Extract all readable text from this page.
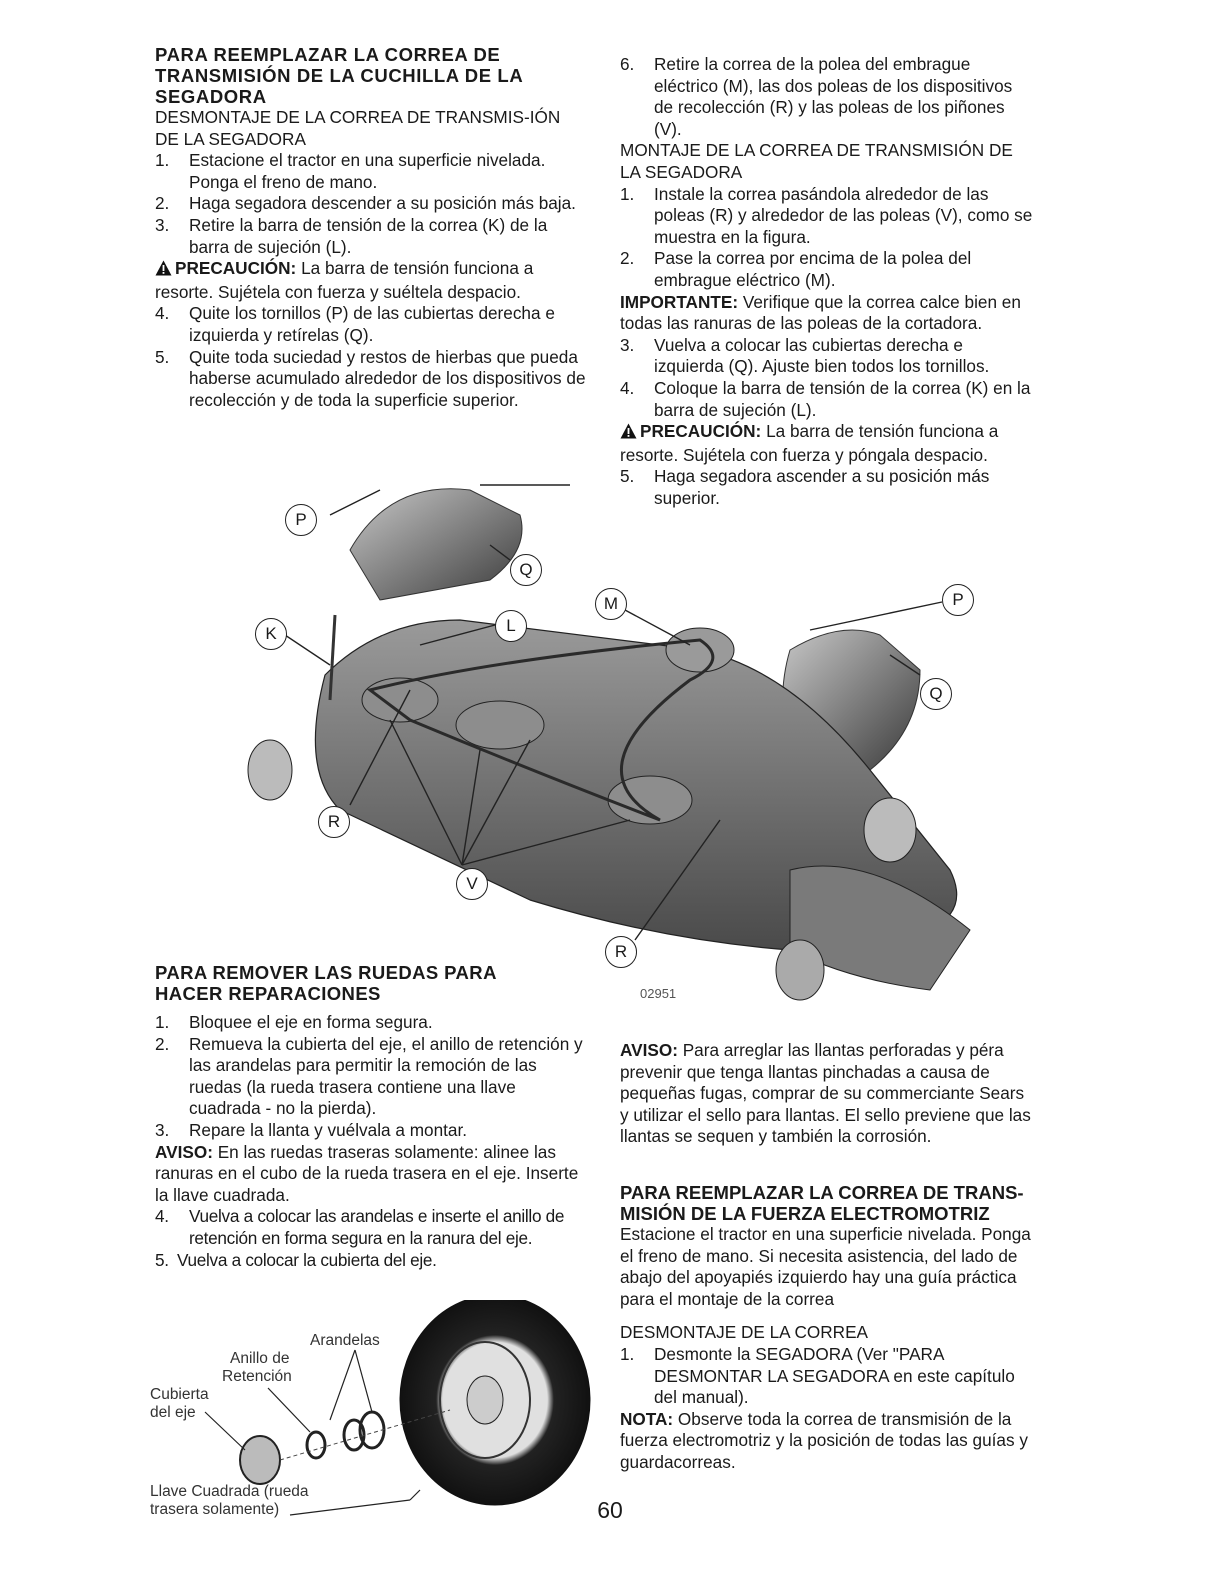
PARA REEMPLAZAR LA CORREA DE
TRANSMISIÓN DE LA CUCHILLA DE LA
SEGADORA
DESMONTAJE DE LA CORREA DE TRANSMIS-IÓN DE LA SEGADORA
1. Estacione el tractor en una superficie nivelada. Ponga el freno de mano.
2. Haga segadora descender a su posición más baja.
3. Retire la barra de tensión de la correa (K) de la barra de sujeción (L).

PRECAUCIÓN: La barra de tensión funciona a resorte. Sujétela con fuerza y suéltela despacio.

4. Quite los tornillos (P) de las cubiertas derecha e izquierda y retírelas (Q).
5. Quite toda suciedad y restos de hierbas que pueda haberse acumulado alrededor de los dispositivos de recolección y de toda la superficie superior.
6. Retire la correa de la polea del embrague eléctrico (M), las dos poleas de los dispositivos de recolección (R) y las poleas de los piñones (V).
MONTAJE DE LA CORREA DE TRANSMISIÓN DE LA SEGADORA
1. Instale la correa pasándola alrededor de las poleas (R) y alrededor de las poleas (V), como se muestra en la figura.
2. Pase la correa por encima de la polea del embrague eléctrico (M).

IMPORTANTE: Verifique que la correa calce bien en todas las ranuras de las poleas de la cortadora.

3. Vuelva a colocar las cubiertas derecha e izquierda (Q). Ajuste bien todos los tornillos.
4. Coloque la barra de tensión de la correa (K) en la barra de sujeción (L).

PRECAUCIÓN: La barra de tensión funciona a resorte. Sujétela con fuerza y póngala despacio.

5. Haga segadora ascender a su posición más superior.
P
Q
K	L
M	P
Q
R
V
R
02951
PARA REMOVER LAS RUEDAS PARA
HACER REPARACIONES
1. Bloquee el eje en forma segura.
2. Remueva la cubierta del eje, el anillo de retención y las arandelas para permitir la remoción de las ruedas (la rueda trasera contiene una llave cuadrada - no la pierda).
3. Repare la llanta y vuélvala a montar.

AVISO: En las ruedas traseras solamente: alinee las ranuras en el cubo de la rueda trasera en el eje. Inserte la llave cuadrada.

4. Vuelva a colocar las arandelas e inserte el anillo de retención en forma segura en la ranura del eje.
5. Vuelva a colocar la cubierta del eje.
Arandelas
Anillo de
Retención
Cubierta
del eje
Llave Cuadrada (rueda
trasera solamente)

AVISO: Para arreglar las llantas perforadas y péra prevenir que tenga llantas pinchadas a causa de pequeñas fugas, comprar de su commerciante Sears y utilizar el sello para llantas. El sello previene que las llantas se sequen y también la corrosión.

PARA REEMPLAZAR LA CORREA DE TRANS-
MISIÓN DE LA FUERZA ELECTROMOTRIZ

Estacione el tractor en una superficie nivelada. Ponga el freno de mano. Si necesita asistencia, del lado de abajo del apoyapiés izquierdo hay una guía práctica para el montaje de la correa

DESMONTAJE DE LA CORREA
1. Desmonte la SEGADORA (Ver "PARA DESMONTAR LA SEGADORA en este capítulo del manual).

NOTA: Observe toda la correa de transmisión de la fuerza electromotriz y la posición de todas las guías y guardacorreas.

60
